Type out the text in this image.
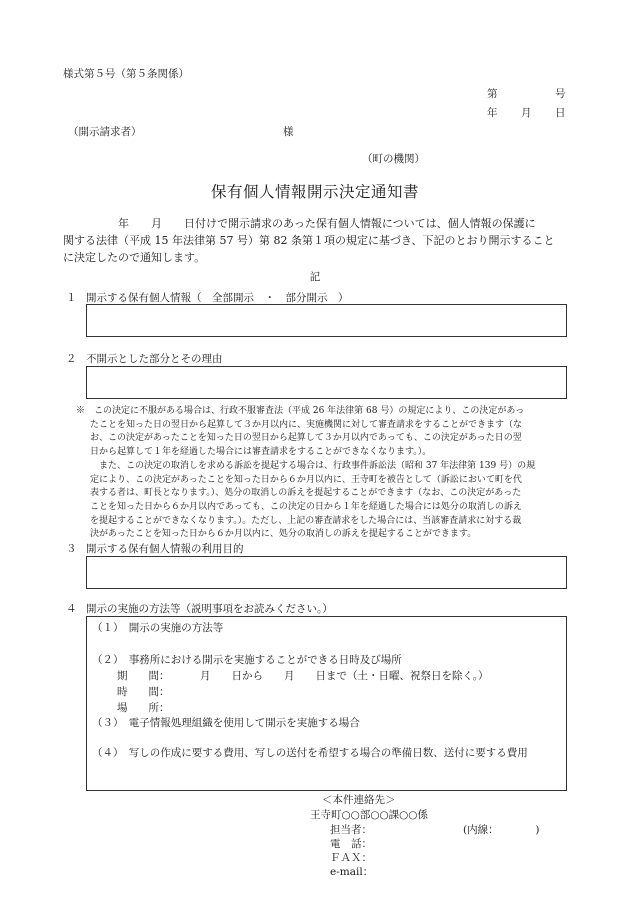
様式第５号（第５条関係）
第	号
年 月 日
（開示請求者）	様
（町の機関）
保有個人情報開示決定通知書
　　　　　年　　月　　日付けで開示請求のあった保有個人情報については、個人情報の保護に
関する法律（平成 15 年法律第 57 号）第 82 条第１項の規定に基づき、下記のとおり開示すること
に決定したので通知します。
記
１ 開示する保有個人情報（　全部開示　・　部分開示　）
２ 不開示とした部分とその理由

※　この決定に不服がある場合は、行政不服審査法（平成 26 年法律第 68 号）の規定により、この決定があっ

たことを知った日の翌日から起算して３か月以内に、実施機関に対して審査請求をすることができます（な

お、この決定があったことを知った日の翌日から起算して３か月以内であっても、この決定があった日の翌

日から起算して１年を経過した場合には審査請求をすることができなくなります。）。

　また、この決定の取消しを求める訴訟を提起する場合は、行政事件訴訟法（昭和 37 年法律第 139 号）の規

定により、この決定があったことを知った日から６か月以内に、王寺町を被告として（訴訟において町を代

表する者は、町長となります。）、処分の取消しの訴えを提起することができます（なお、この決定があった

ことを知った日から６か月以内であっても、この決定の日から１年を経過した場合には処分の取消しの訴え

を提起することができなくなります。）。ただし、上記の審査請求をした場合には、当該審査請求に対する裁

決があったことを知った日から６か月以内に、処分の取消しの訴えを提起することができます。

３ 開示する保有個人情報の利用目的
４ 開示の実施の方法等（説明事項をお読みください。）
（１）　開示の実施の方法等
（２）　事務所における開示を実施することができる日時及び場所
期　　間：	月　　日から　　月　　日まで（土・日曜、祝祭日を除く。）
時　　間：
場　　所：
（３）　電子情報処理組織を使用して開示を実施する場合
（４）　写しの作成に要する費用、写しの送付を希望する場合の準備日数、送付に要する費用
＜本件連絡先＞
王寺町○○部○○課○○係
担当者：	(内線：　　　　)
電　話：
ＦＡＸ：
e-mail：
